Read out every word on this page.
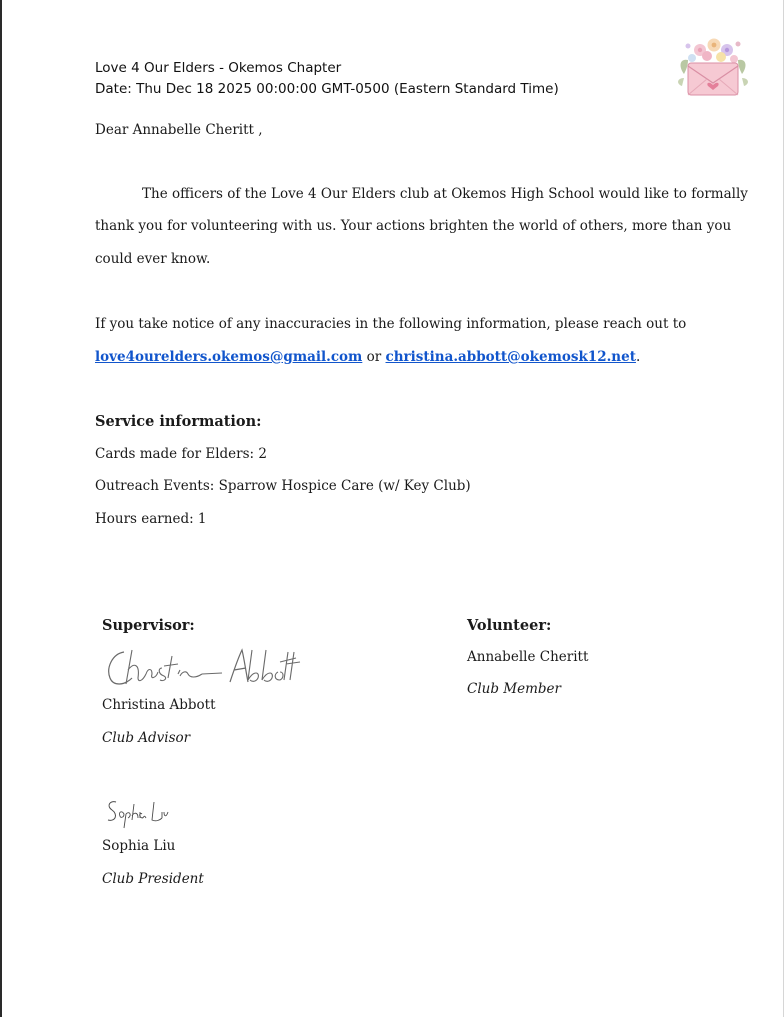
Love 4 Our Elders - Okemos Chapter
Date: Thu Dec 18 2025 00:00:00 GMT-0500 (Eastern Standard Time)
Dear Annabelle Cheritt ,
The officers of the Love 4 Our Elders club at Okemos High School would like to formally
thank you for volunteering with us. Your actions brighten the world of others, more than you
could ever know.
If you take notice of any inaccuracies in the following information, please reach out to
love4ourelders.okemos@gmail.com or christina.abbott@okemosk12.net.
Service information:
Cards made for Elders: 2
Outreach Events: Sparrow Hospice Care (w/ Key Club)
Hours earned: 1
Supervisor:
Christina Abbott
Club Advisor
Sophia Liu
Club President
Volunteer:
Annabelle Cheritt
Club Member
